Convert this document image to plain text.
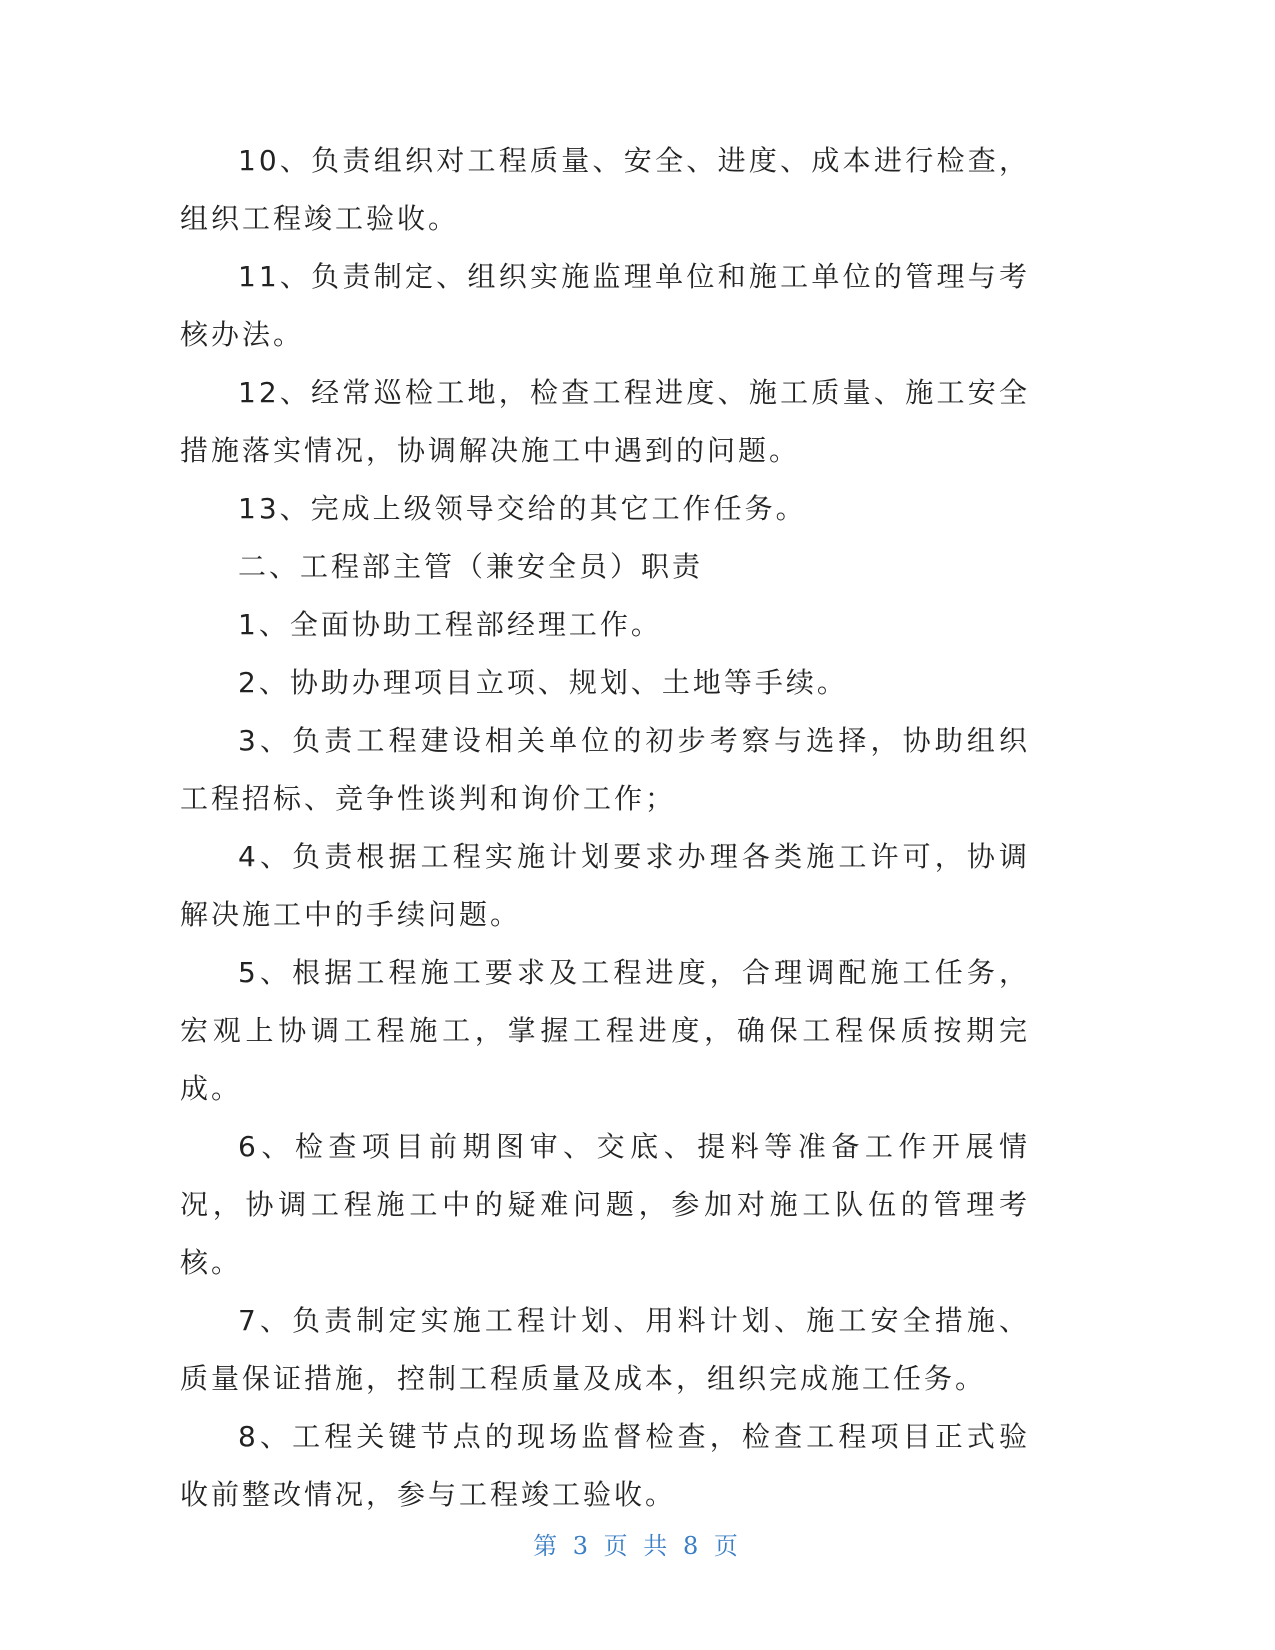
10、负责组织对工程质量、安全、进度、成本进行检查，组织工程竣工验收。

11、负责制定、组织实施监理单位和施工单位的管理与考核办法。

12、经常巡检工地，检查工程进度、施工质量、施工安全措施落实情况，协调解决施工中遇到的问题。

13、完成上级领导交给的其它工作任务。

二、工程部主管（兼安全员）职责

1、全面协助工程部经理工作。

2、协助办理项目立项、规划、土地等手续。

3、负责工程建设相关单位的初步考察与选择，协助组织工程招标、竞争性谈判和询价工作；

4、负责根据工程实施计划要求办理各类施工许可，协调解决施工中的手续问题。

5、根据工程施工要求及工程进度，合理调配施工任务，宏观上协调工程施工，掌握工程进度，确保工程保质按期完成。

6、检查项目前期图审、交底、提料等准备工作开展情况，协调工程施工中的疑难问题，参加对施工队伍的管理考核。

7、负责制定实施工程计划、用料计划、施工安全措施、质量保证措施，控制工程质量及成本，组织完成施工任务。

8、工程关键节点的现场监督检查，检查工程项目正式验收前整改情况，参与工程竣工验收。

第 3 页 共 8 页
